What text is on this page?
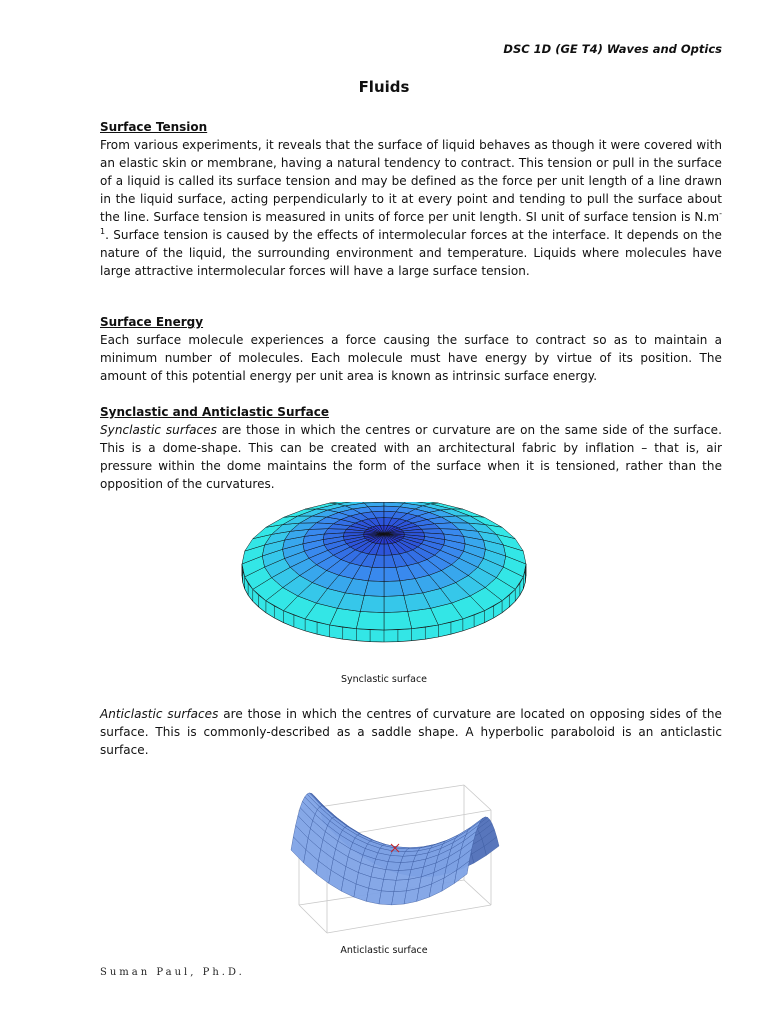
DSC 1D (GE T4) Waves and Optics
Fluids

Surface Tension

From various experiments, it reveals that the surface of liquid behaves as though it were covered with an elastic skin or membrane, having a natural tendency to contract. This tension or pull in the surface of a liquid is called its surface tension and may be defined as the force per unit length of a line drawn in the liquid surface, acting perpendicularly to it at every point and tending to pull the surface about the line. Surface tension is measured in units of force per unit length. SI unit of surface tension is $N.m^{-1}$. Surface tension is caused by the effects of intermolecular forces at the interface. It depends on the nature of the liquid, the surrounding environment and temperature. Liquids where molecules have large attractive intermolecular forces will have a large surface tension.

Surface Energy

Each surface molecule experiences a force causing the surface to contract so as to maintain a minimum number of molecules. Each molecule must have energy by virtue of its position. The amount of this potential energy per unit area is known as intrinsic surface energy.

Synclastic and Anticlastic Surface

Synclastic surfaces are those in which the centres or curvature are on the same side of the surface. This is a dome-shape. This can be created with an architectural fabric by inflation – that is, air pressure within the dome maintains the form of the surface when it is tensioned, rather than the opposition of the curvatures.

Synclastic surface

Anticlastic surfaces are those in which the centres of curvature are located on opposing sides of the surface. This is commonly-described as a saddle shape. A hyperbolic paraboloid is an anticlastic surface.

Anticlastic surface
Suman Paul, Ph.D.
